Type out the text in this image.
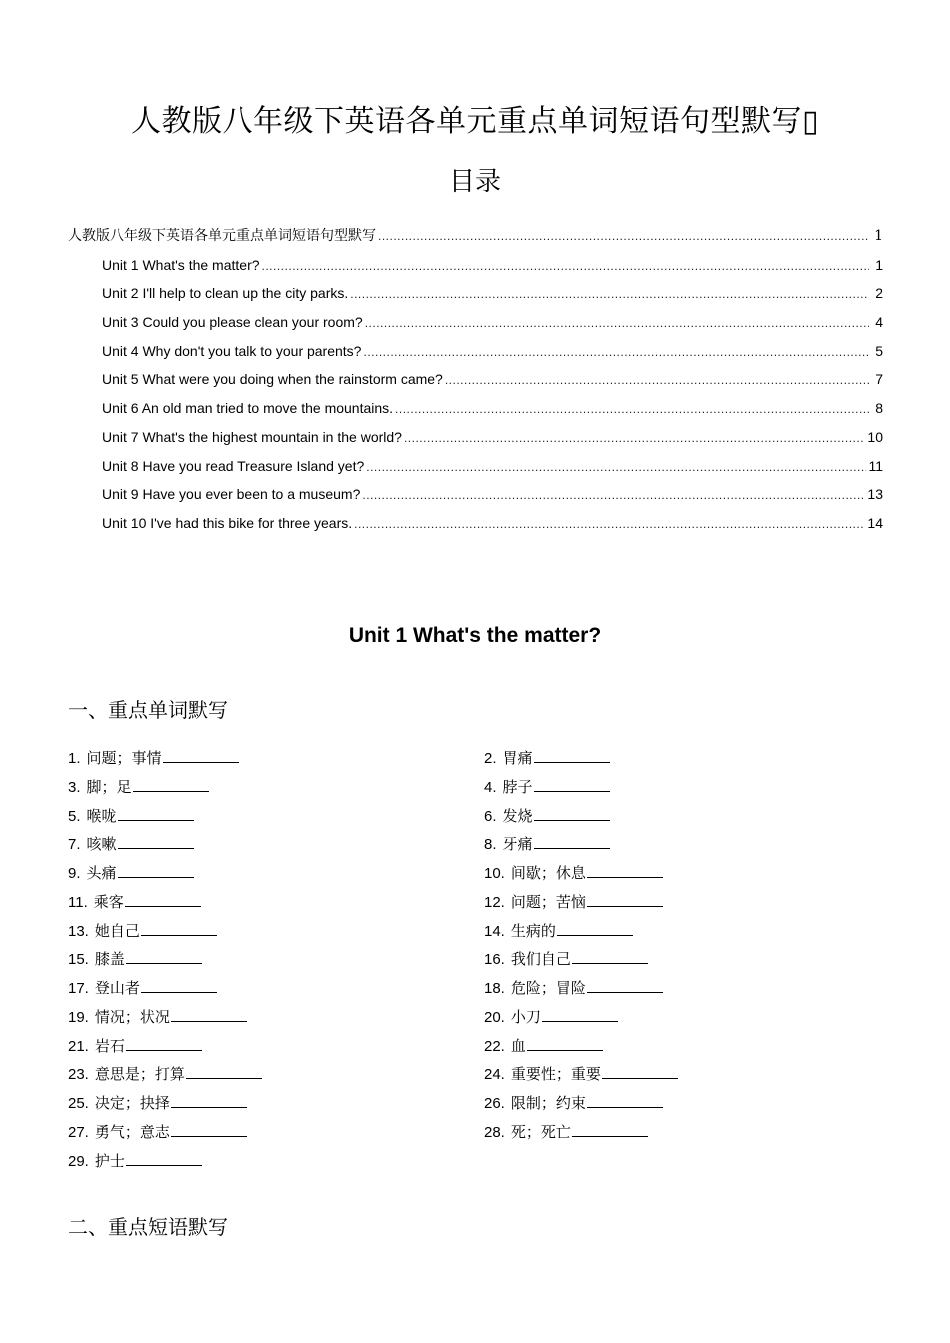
人教版八年级下英语各单元重点单词短语句型默写▯
目录
人教版八年级下英语各单元重点单词短语句型默写 .....	1
Unit 1 What's the matter? .....	1
Unit 2 I'll help to clean up the city parks. .....	2
Unit 3 Could you please clean your room? .....	4
Unit 4 Why don't you talk to your parents? .....	5
Unit 5 What were you doing when the rainstorm came? .....	7
Unit 6 An old man tried to move the mountains. .....	8
Unit 7 What's the highest mountain in the world? .....	10
Unit 8 Have you read Treasure Island yet? .....	11
Unit 9 Have you ever been to a museum? .....	13
Unit 10 I've had this bike for three years. .....	14
Unit 1 What's the matter?
一、重点单词默写
1. 问题；事情	2. 胃痛
3. 脚；足	4. 脖子
5. 喉咙	6. 发烧
7. 咳嗽	8. 牙痛
9. 头痛	10. 间歇；休息
11. 乘客	12. 问题；苦恼
13. 她自己	14. 生病的
15. 膝盖	16. 我们自己
17. 登山者	18. 危险；冒险
19. 情况；状况	20. 小刀
21. 岩石	22. 血
23. 意思是；打算	24. 重要性；重要
25. 决定；抉择	26. 限制；约束
27. 勇气；意志	28. 死；死亡
29. 护士
二、重点短语默写
